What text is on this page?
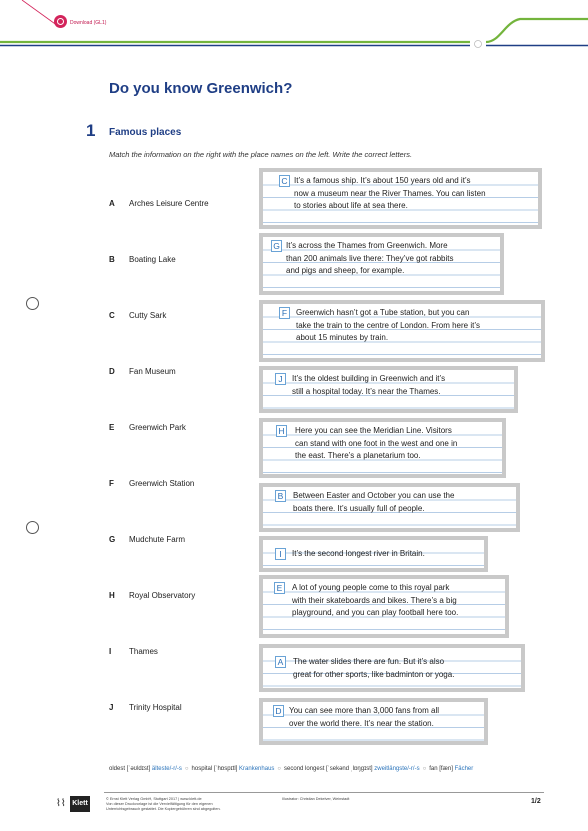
Download (GL1)
Do you know Greenwich?
1 Famous places
Match the information on the right with the place names on the left. Write the correct letters.
A Arches Leisure Centre
B Boating Lake
C Cutty Sark
D Fan Museum
E Greenwich Park
F Greenwich Station
G Mudchute Farm
H Royal Observatory
I Thames
J Trinity Hospital
C It’s a famous ship. It’s about 150 years old and it’s
now a museum near the River Thames. You can listen
to stories about life at sea there.
G It’s across the Thames from Greenwich. More
than 200 animals live there: They’ve got rabbits
and pigs and sheep, for example.
F	Greenwich hasn’t got a Tube station, but you can
take the train to the centre of London. From here it’s
about 15 minutes by train.
J	It’s the oldest building in Greenwich and it’s
still a hospital today. It’s near the Thames.
H	Here you can see the Meridian Line. Visitors
can stand with one foot in the west and one in
the east. There’s a planetarium too.
B	Between Easter and October you can use the
boats there. It’s usually full of people.
I	It’s the second longest river in Britain.
E	A lot of young people come to this royal park
with their skateboards and bikes. There’s a big
playground, and you can play football here too.
A	The water slides there are fun. But it’s also
great for other sports, like badminton or yoga.
D You can see more than 3,000 fans from all
over the world there. It’s near the station.
oldest [ˈəʊldɪst] älteste/-r/-s ○ hospital [ˈhɒspɪtl] Krankenhaus ○ second longest [ˈsekənd ˌlɒŋgɪst] zweitlängste/-r/-s ○ fan [fæn] Fächer
⌇⌇ Klett
© Ernst Klett Verlag GmbH, Stuttgart 2017 | www.klett.de
Von dieser Druckvorlage ist die Vervielfältigung für den eigenen
Unterrichtsgebrauch gestattet. Die Kopiergebühren sind abgegolten.
Illustrator: Christian Dekelver, Weinstadt	1/2
